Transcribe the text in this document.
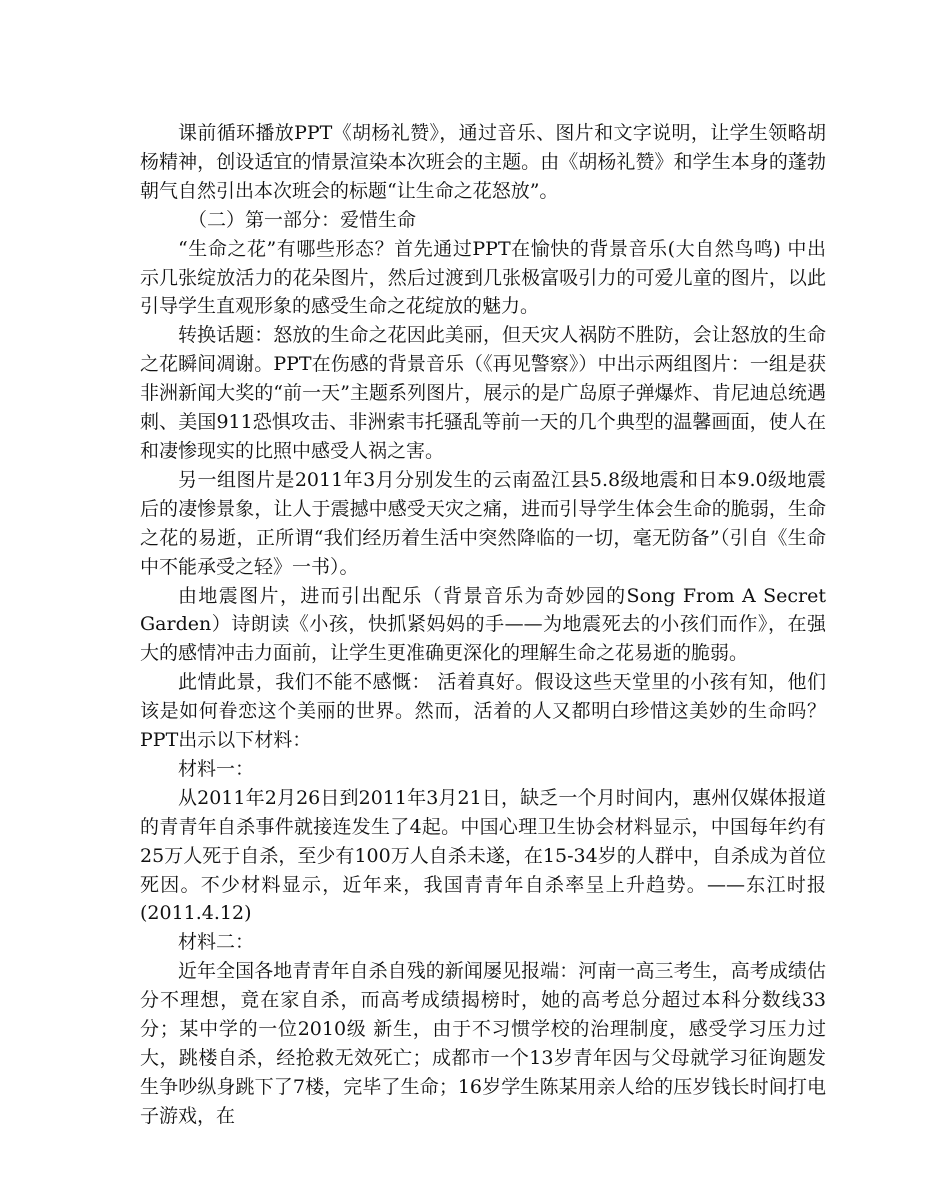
课前循环播放PPT《胡杨礼赞》，通过音乐、图片和文字说明，让学生领略胡杨精神，创设适宜的情景渲染本次班会的主题。由《胡杨礼赞》和学生本身的蓬勃朝气自然引出本次班会的标题“让生命之花怒放”。

（二）第一部分：爱惜生命

“生命之花”有哪些形态？首先通过PPT在愉快的背景音乐(大自然鸟鸣) 中出示几张绽放活力的花朵图片，然后过渡到几张极富吸引力的可爱儿童的图片，以此引导学生直观形象的感受生命之花绽放的魅力。

转换话题：怒放的生命之花因此美丽，但天灾人祸防不胜防，会让怒放的生命之花瞬间凋谢。PPT在伤感的背景音乐（《再见警察》）中出示两组图片：一组是获非洲新闻大奖的“前一天”主题系列图片，展示的是广岛原子弹爆炸、肯尼迪总统遇刺、美国911恐惧攻击、非洲索韦托骚乱等前一天的几个典型的温馨画面，使人在和凄惨现实的比照中感受人祸之害。

另一组图片是2011年3月分别发生的云南盈江县5.8级地震和日本9.0级地震后的凄惨景象，让人于震撼中感受天灾之痛，进而引导学生体会生命的脆弱，生命之花的易逝，正所谓“我们经历着生活中突然降临的一切，毫无防备”（引自《生命中不能承受之轻》一书）。

由地震图片，进而引出配乐（背景音乐为奇妙园的Song From A Secret Garden）诗朗读《小孩，快抓紧妈妈的手——为地震死去的小孩们而作》，在强大的感情冲击力面前，让学生更准确更深化的理解生命之花易逝的脆弱。

此情此景，我们不能不感慨： 活着真好。假设这些天堂里的小孩有知，他们该是如何眷恋这个美丽的世界。然而，活着的人又都明白珍惜这美妙的生命吗？PPT出示以下材料：

材料一：

从2011年2月26日到2011年3月21日，缺乏一个月时间内，惠州仅媒体报道的青青年自杀事件就接连发生了4起。中国心理卫生协会材料显示，中国每年约有25万人死于自杀，至少有100万人自杀未遂，在15-34岁的人群中，自杀成为首位死因。不少材料显示，近年来，我国青青年自杀率呈上升趋势。——东江时报 (2011.4.12)

材料二：

近年全国各地青青年自杀自残的新闻屡见报端：河南一高三考生，高考成绩估分不理想，竟在家自杀，而高考成绩揭榜时，她的高考总分超过本科分数线33分；某中学的一位2010级 新生，由于不习惯学校的治理制度，感受学习压力过大，跳楼自杀，经抢救无效死亡；成都市一个13岁青年因与父母就学习征询题发生争吵纵身跳下了7楼，完毕了生命；16岁学生陈某用亲人给的压岁钱长时间打电子游戏，在
